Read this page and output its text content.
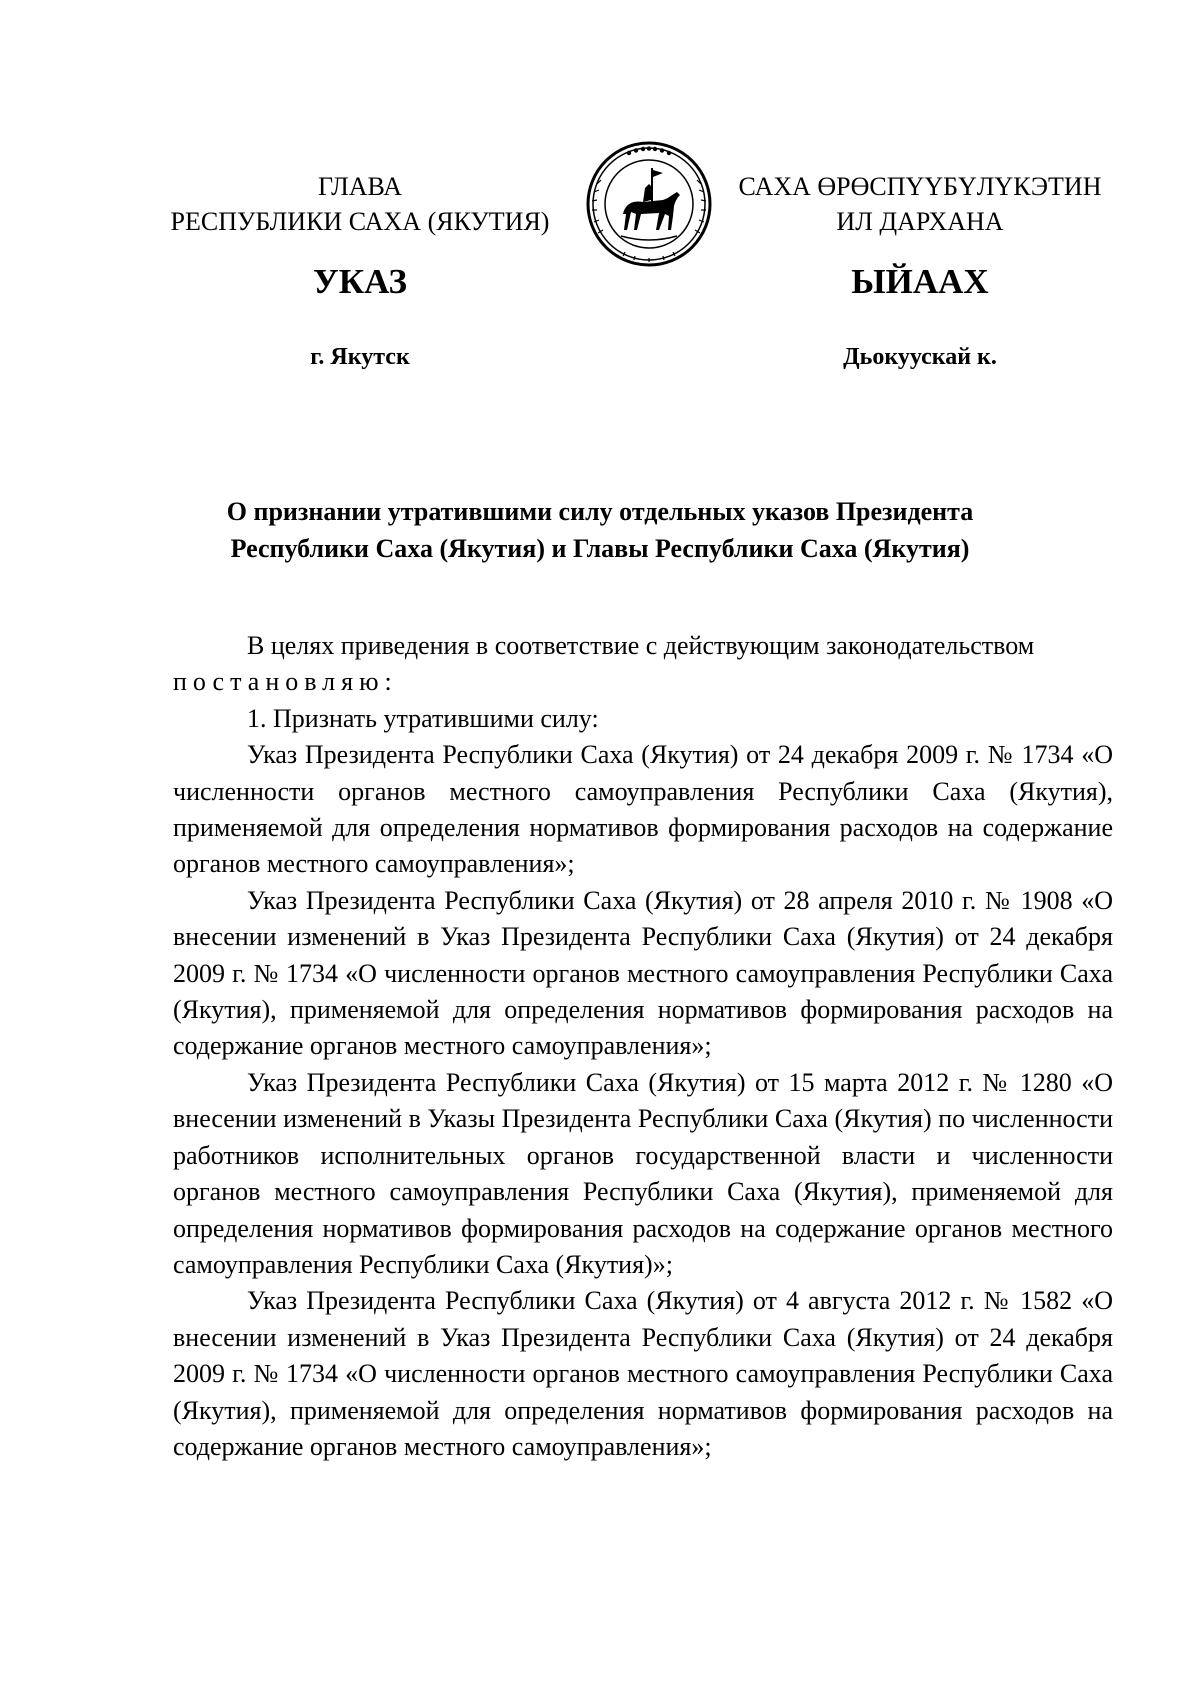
ГЛАВА
РЕСПУБЛИКИ САХА (ЯКУТИЯ)
САХА ӨРӨСПҮҮБҮЛҮКЭТИН
ИЛ ДАРХАНА
УКАЗ	ЫЙААХ
г. Якутск	Дьокуускай к.
О признании утратившими силу отдельных указов Президента
Республики Саха (Якутия) и Главы Республики Саха (Якутия)

В целях приведения в соответствие с действующим законодательством

постановляю:

1. Признать утратившими силу:

Указ Президента Республики Саха (Якутия) от 24 декабря 2009 г. № 1734 «О численности органов местного самоуправления Республики Саха (Якутия), применяемой для определения нормативов формирования расходов на содержание органов местного самоуправления»;

Указ Президента Республики Саха (Якутия) от 28 апреля 2010 г. № 1908 «О внесении изменений в Указ Президента Республики Саха (Якутия) от 24 декабря 2009 г. № 1734 «О численности органов местного самоуправления Республики Саха (Якутия), применяемой для определения нормативов формирования расходов на содержание органов местного самоуправления»;

Указ Президента Республики Саха (Якутия) от 15 марта 2012 г. № 1280 «О внесении изменений в Указы Президента Республики Саха (Якутия) по численности работников исполнительных органов государственной власти и численности органов местного самоуправления Республики Саха (Якутия), применяемой для определения нормативов формирования расходов на содержание органов местного самоуправления Республики Саха (Якутия)»;

Указ Президента Республики Саха (Якутия) от 4 августа 2012 г. № 1582 «О внесении изменений в Указ Президента Республики Саха (Якутия) от 24 декабря 2009 г. № 1734 «О численности органов местного самоуправления Республики Саха (Якутия), применяемой для определения нормативов формирования расходов на содержание органов местного самоуправления»;
